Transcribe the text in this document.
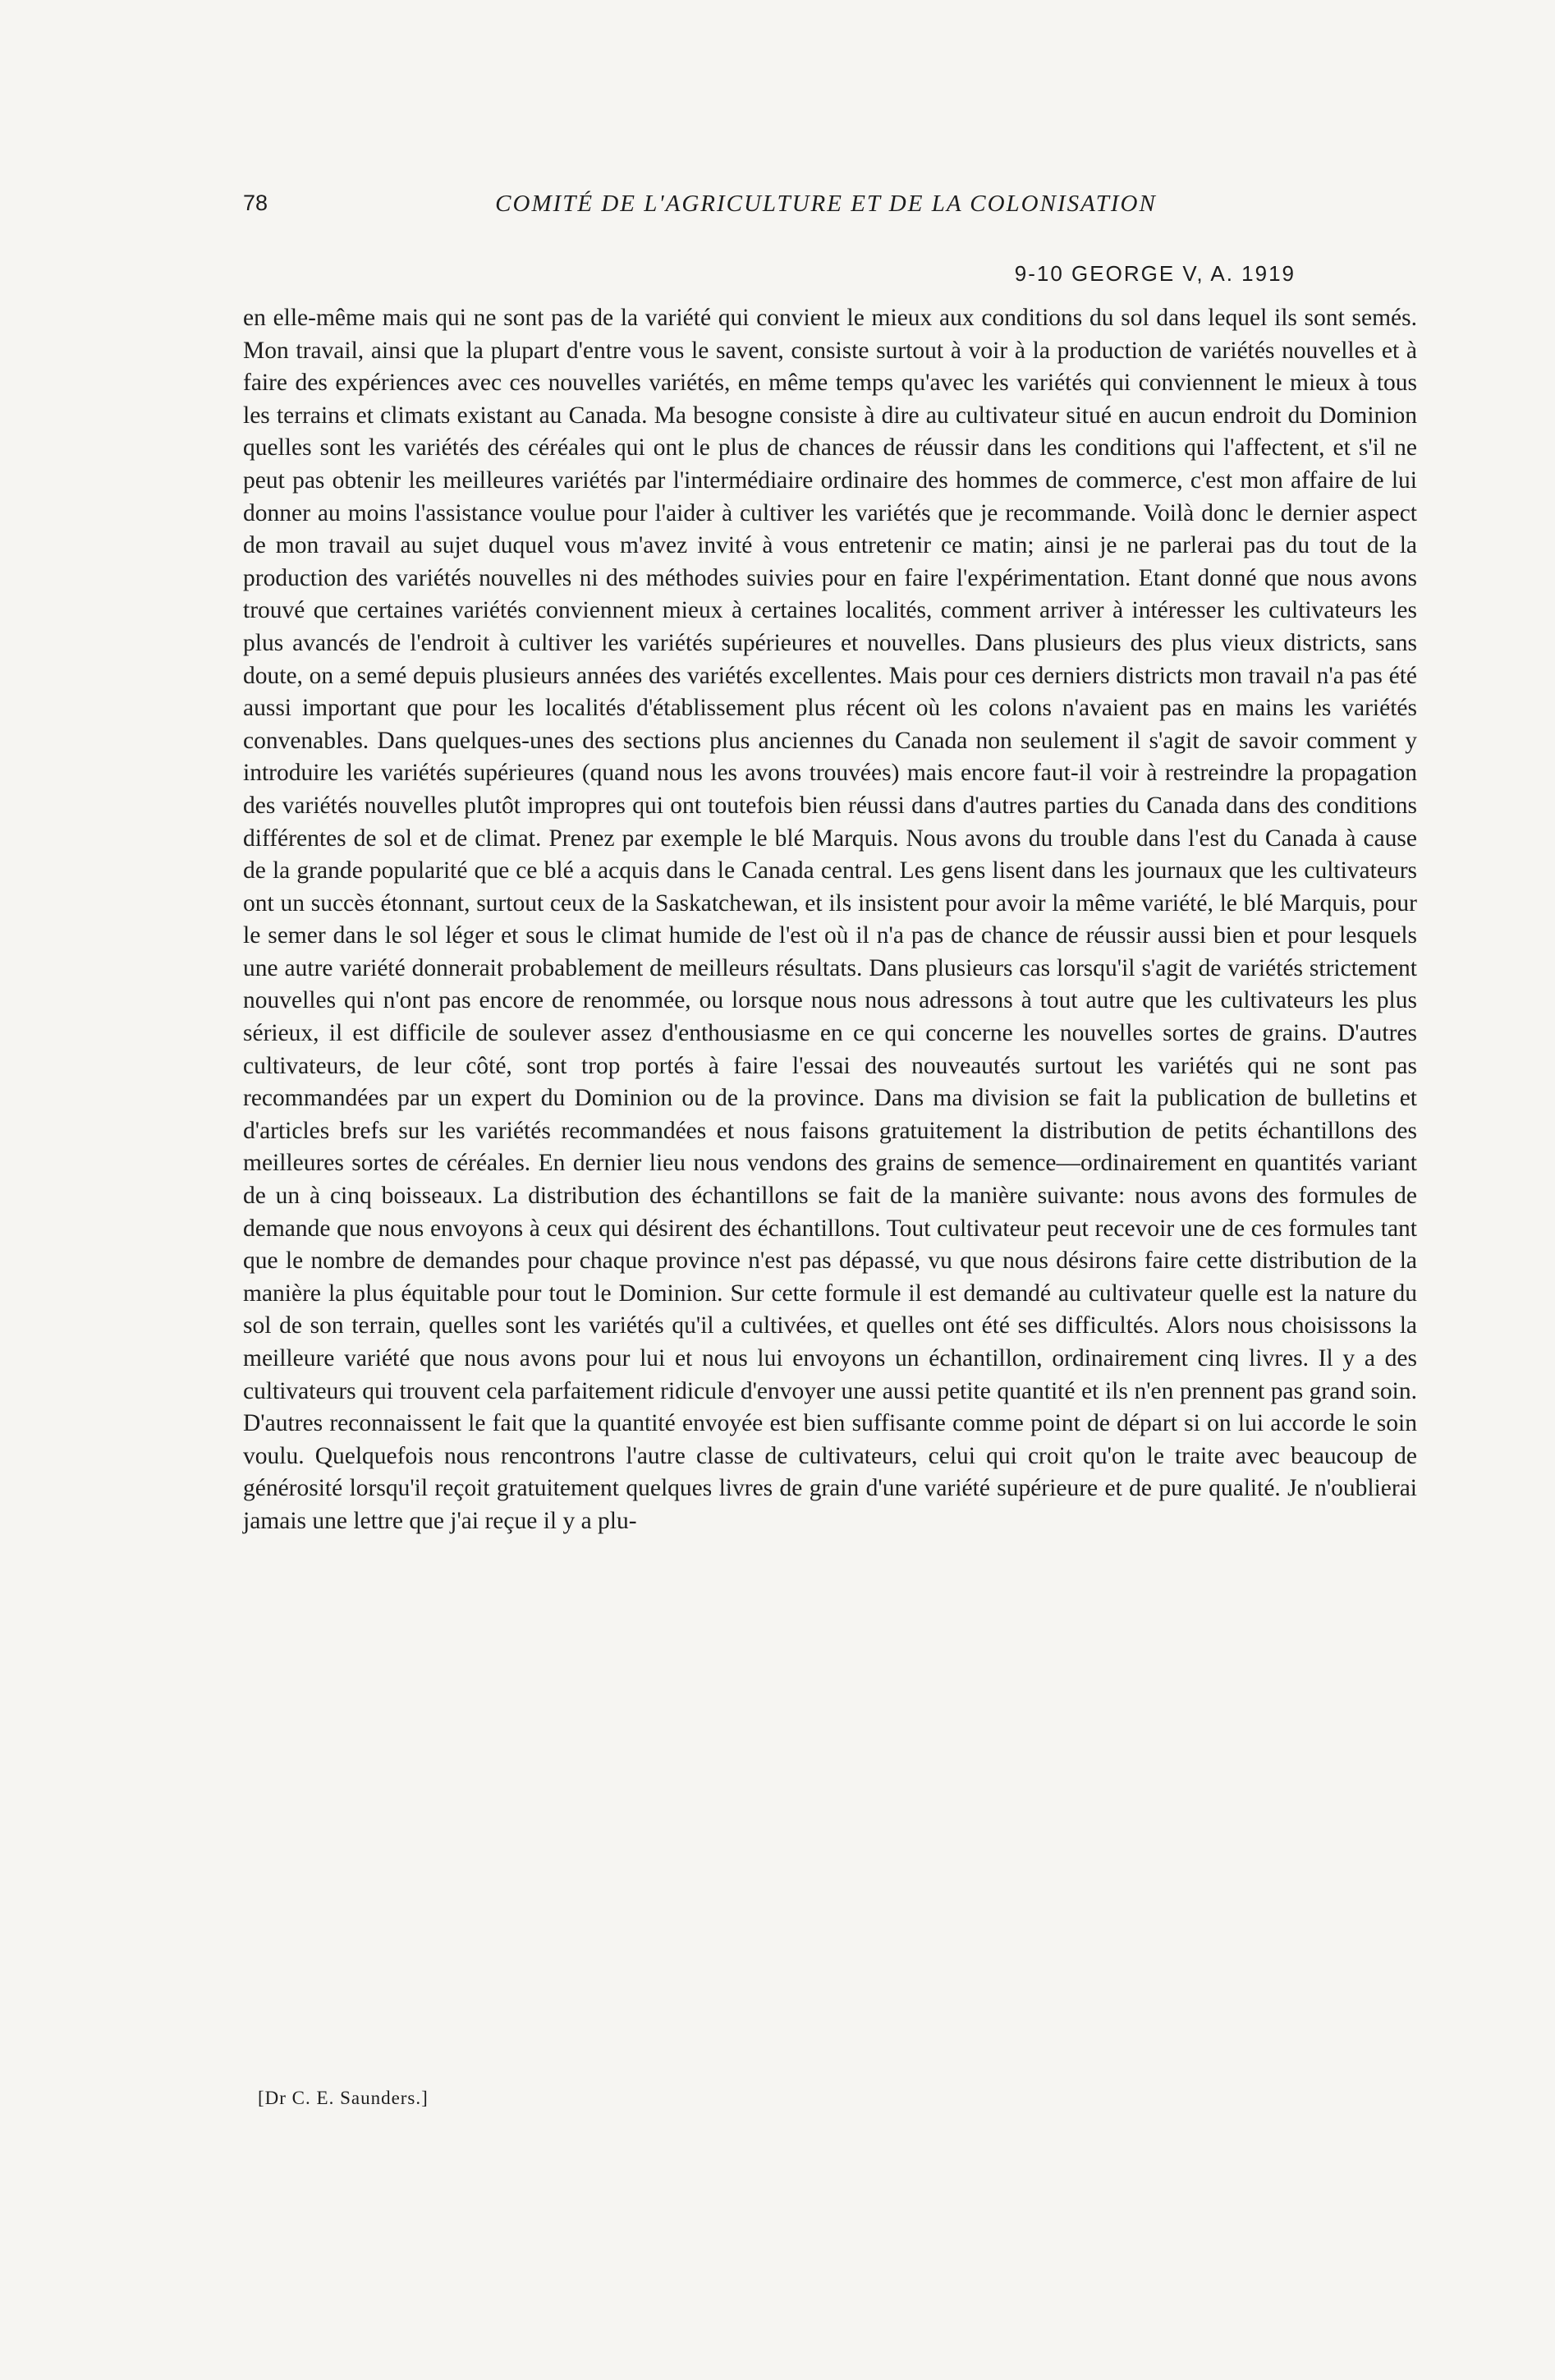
78	COMITÉ DE L'AGRICULTURE ET DE LA COLONISATION
9-10 GEORGE V, A. 1919

en elle-même mais qui ne sont pas de la variété qui convient le mieux aux conditions du sol dans lequel ils sont semés. Mon travail, ainsi que la plupart d'entre vous le savent, consiste surtout à voir à la production de variétés nouvelles et à faire des expériences avec ces nouvelles variétés, en même temps qu'avec les variétés qui conviennent le mieux à tous les terrains et climats existant au Canada. Ma besogne consiste à dire au cultivateur situé en aucun endroit du Dominion quelles sont les variétés des céréales qui ont le plus de chances de réussir dans les conditions qui l'affectent, et s'il ne peut pas obtenir les meilleures variétés par l'intermédiaire ordinaire des hommes de commerce, c'est mon affaire de lui donner au moins l'assistance voulue pour l'aider à cultiver les variétés que je recommande. Voilà donc le dernier aspect de mon travail au sujet duquel vous m'avez invité à vous entretenir ce matin; ainsi je ne parlerai pas du tout de la production des variétés nouvelles ni des méthodes suivies pour en faire l'expérimentation. Etant donné que nous avons trouvé que certaines variétés conviennent mieux à certaines localités, comment arriver à intéresser les cultivateurs les plus avancés de l'endroit à cultiver les variétés supérieures et nouvelles. Dans plusieurs des plus vieux districts, sans doute, on a semé depuis plusieurs années des variétés excellentes. Mais pour ces derniers districts mon travail n'a pas été aussi important que pour les localités d'établissement plus récent où les colons n'avaient pas en mains les variétés convenables. Dans quelques-unes des sections plus anciennes du Canada non seulement il s'agit de savoir comment y introduire les variétés supérieures (quand nous les avons trouvées) mais encore faut-il voir à restreindre la propagation des variétés nouvelles plutôt impropres qui ont toutefois bien réussi dans d'autres parties du Canada dans des conditions différentes de sol et de climat. Prenez par exemple le blé Marquis. Nous avons du trouble dans l'est du Canada à cause de la grande popularité que ce blé a acquis dans le Canada central. Les gens lisent dans les journaux que les cultivateurs ont un succès étonnant, surtout ceux de la Saskatchewan, et ils insistent pour avoir la même variété, le blé Marquis, pour le semer dans le sol léger et sous le climat humide de l'est où il n'a pas de chance de réussir aussi bien et pour lesquels une autre variété donnerait probablement de meilleurs résultats. Dans plusieurs cas lorsqu'il s'agit de variétés strictement nouvelles qui n'ont pas encore de renommée, ou lorsque nous nous adressons à tout autre que les cultivateurs les plus sérieux, il est difficile de soulever assez d'enthousiasme en ce qui concerne les nouvelles sortes de grains. D'autres cultivateurs, de leur côté, sont trop portés à faire l'essai des nouveautés surtout les variétés qui ne sont pas recommandées par un expert du Dominion ou de la province. Dans ma division se fait la publication de bulletins et d'articles brefs sur les variétés recommandées et nous faisons gratuitement la distribution de petits échantillons des meilleures sortes de céréales. En dernier lieu nous vendons des grains de semence—ordinairement en quantités variant de un à cinq boisseaux. La distribution des échantillons se fait de la manière suivante: nous avons des formules de demande que nous envoyons à ceux qui désirent des échantillons. Tout cultivateur peut recevoir une de ces formules tant que le nombre de demandes pour chaque province n'est pas dépassé, vu que nous désirons faire cette distribution de la manière la plus équitable pour tout le Dominion. Sur cette formule il est demandé au cultivateur quelle est la nature du sol de son terrain, quelles sont les variétés qu'il a cultivées, et quelles ont été ses difficultés. Alors nous choisissons la meilleure variété que nous avons pour lui et nous lui envoyons un échantillon, ordinairement cinq livres. Il y a des cultivateurs qui trouvent cela parfaitement ridicule d'envoyer une aussi petite quantité et ils n'en prennent pas grand soin. D'autres reconnaissent le fait que la quantité envoyée est bien suffisante comme point de départ si on lui accorde le soin voulu. Quelquefois nous rencontrons l'autre classe de cultivateurs, celui qui croit qu'on le traite avec beaucoup de générosité lorsqu'il reçoit gratuitement quelques livres de grain d'une variété supérieure et de pure qualité. Je n'oublierai jamais une lettre que j'ai reçue il y a plu-

[Dr C. E. Saunders.]
